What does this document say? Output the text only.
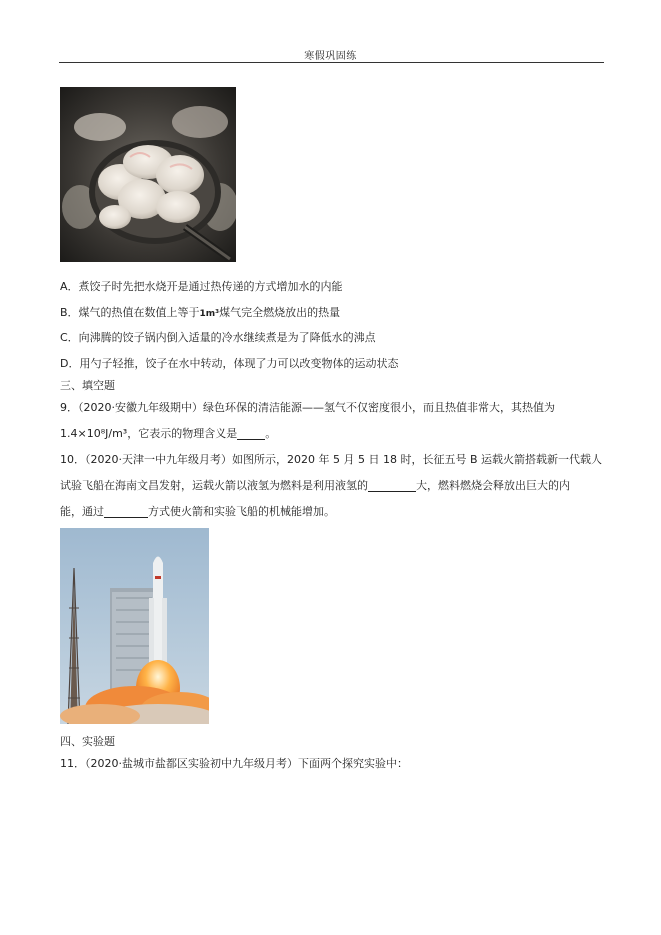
寒假巩固练
A．煮饺子时先把水烧开是通过热传递的方式增加水的内能
B．煤气的热值在数值上等于1m³煤气完全燃烧放出的热量
C．向沸腾的饺子锅内倒入适量的冷水继续煮是为了降低水的沸点
D．用勺子轻推，饺子在水中转动，体现了力可以改变物体的运动状态
三、填空题
9．（2020·安徽九年级期中）绿色环保的清洁能源——氢气不仅密度很小，而且热值非常大，其热值为
1.4×10⁸J/m³，它表示的物理含义是	。
10．（2020·天津一中九年级月考）如图所示，2020 年 5 月 5 日 18 时，长征五号 B 运载火箭搭载新一代载人
试验飞船在海南文昌发射，运载火箭以液氢为燃料是利用液氢的	大，燃料燃烧会释放出巨大的内
能，通过	方式使火箭和实验飞船的机械能增加。
四、实验题
11．（2020·盐城市盐都区实验初中九年级月考）下面两个探究实验中：
